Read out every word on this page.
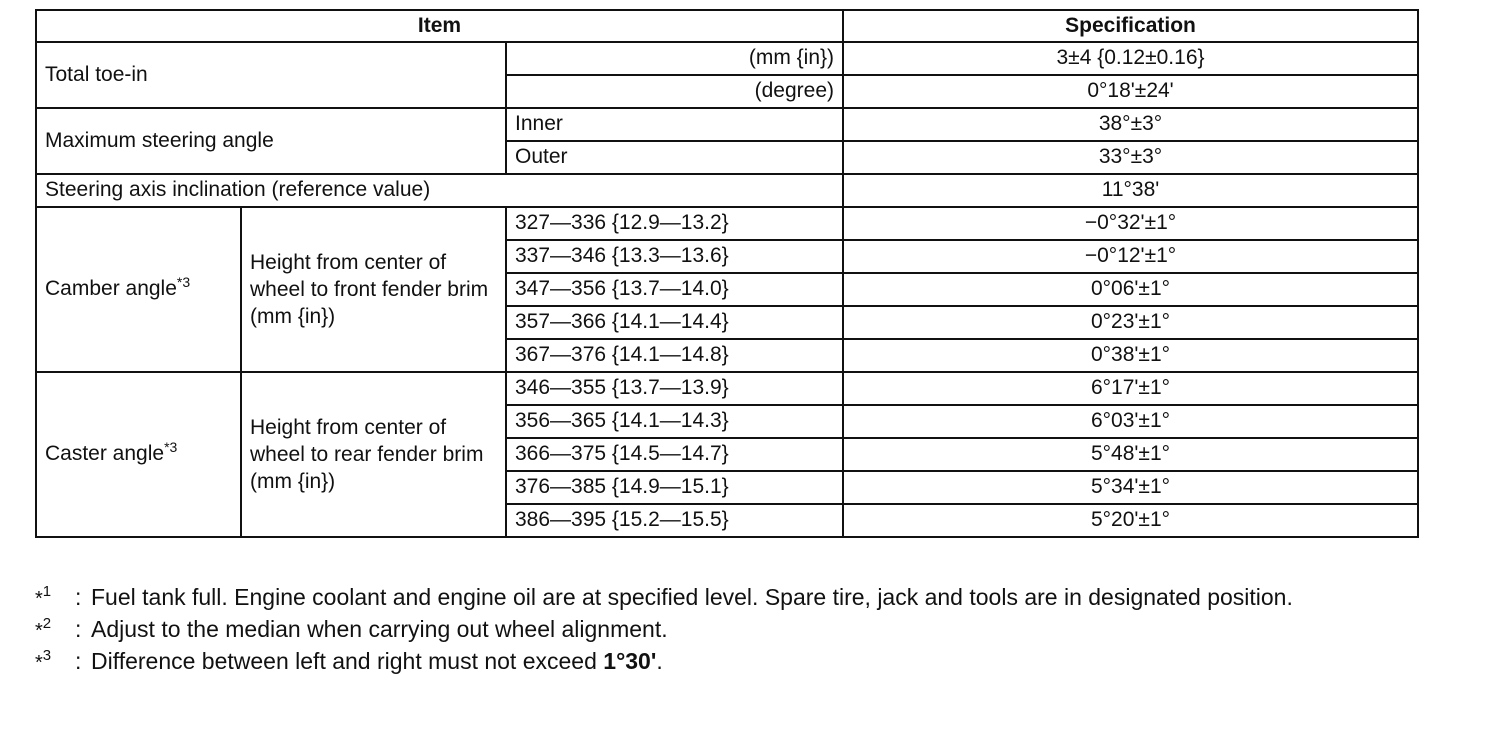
Item			Specification
Total toe-in		(mm {in})	3±4 {0.12±0.16}
		(degree)	0°18'±24'
Maximum steering angle		Inner	38°±3°
		Outer	33°±3°
Steering axis inclination (reference value)			11°38'
Camber angle$^{*3}$	Height from center of wheel to front fender brim (mm {in})	327—336 {12.9—13.2}	−0°32'±1°
		337—346 {13.3—13.6}	−0°12'±1°
		347—356 {13.7—14.0}	0°06'±1°
		357—366 {14.1—14.4}	0°23'±1°
		367—376 {14.1—14.8}	0°38'±1°
Caster angle$^{*3}$	Height from center of wheel to rear fender brim (mm {in})	346—355 {13.7—13.9}	6°17'±1°
		356—365 {14.1—14.3}	6°03'±1°
		366—375 {14.5—14.7}	5°48'±1°
		376—385 {14.9—15.1}	5°34'±1°
		386—395 {15.2—15.5}	5°20'±1°
*$^1$	: Fuel tank full. Engine coolant and engine oil are at specified level. Spare tire, jack and tools are in designated position.
*$^2$	: Adjust to the median when carrying out wheel alignment.
*$^3$	: Difference between left and right must not exceed 1°30'.
